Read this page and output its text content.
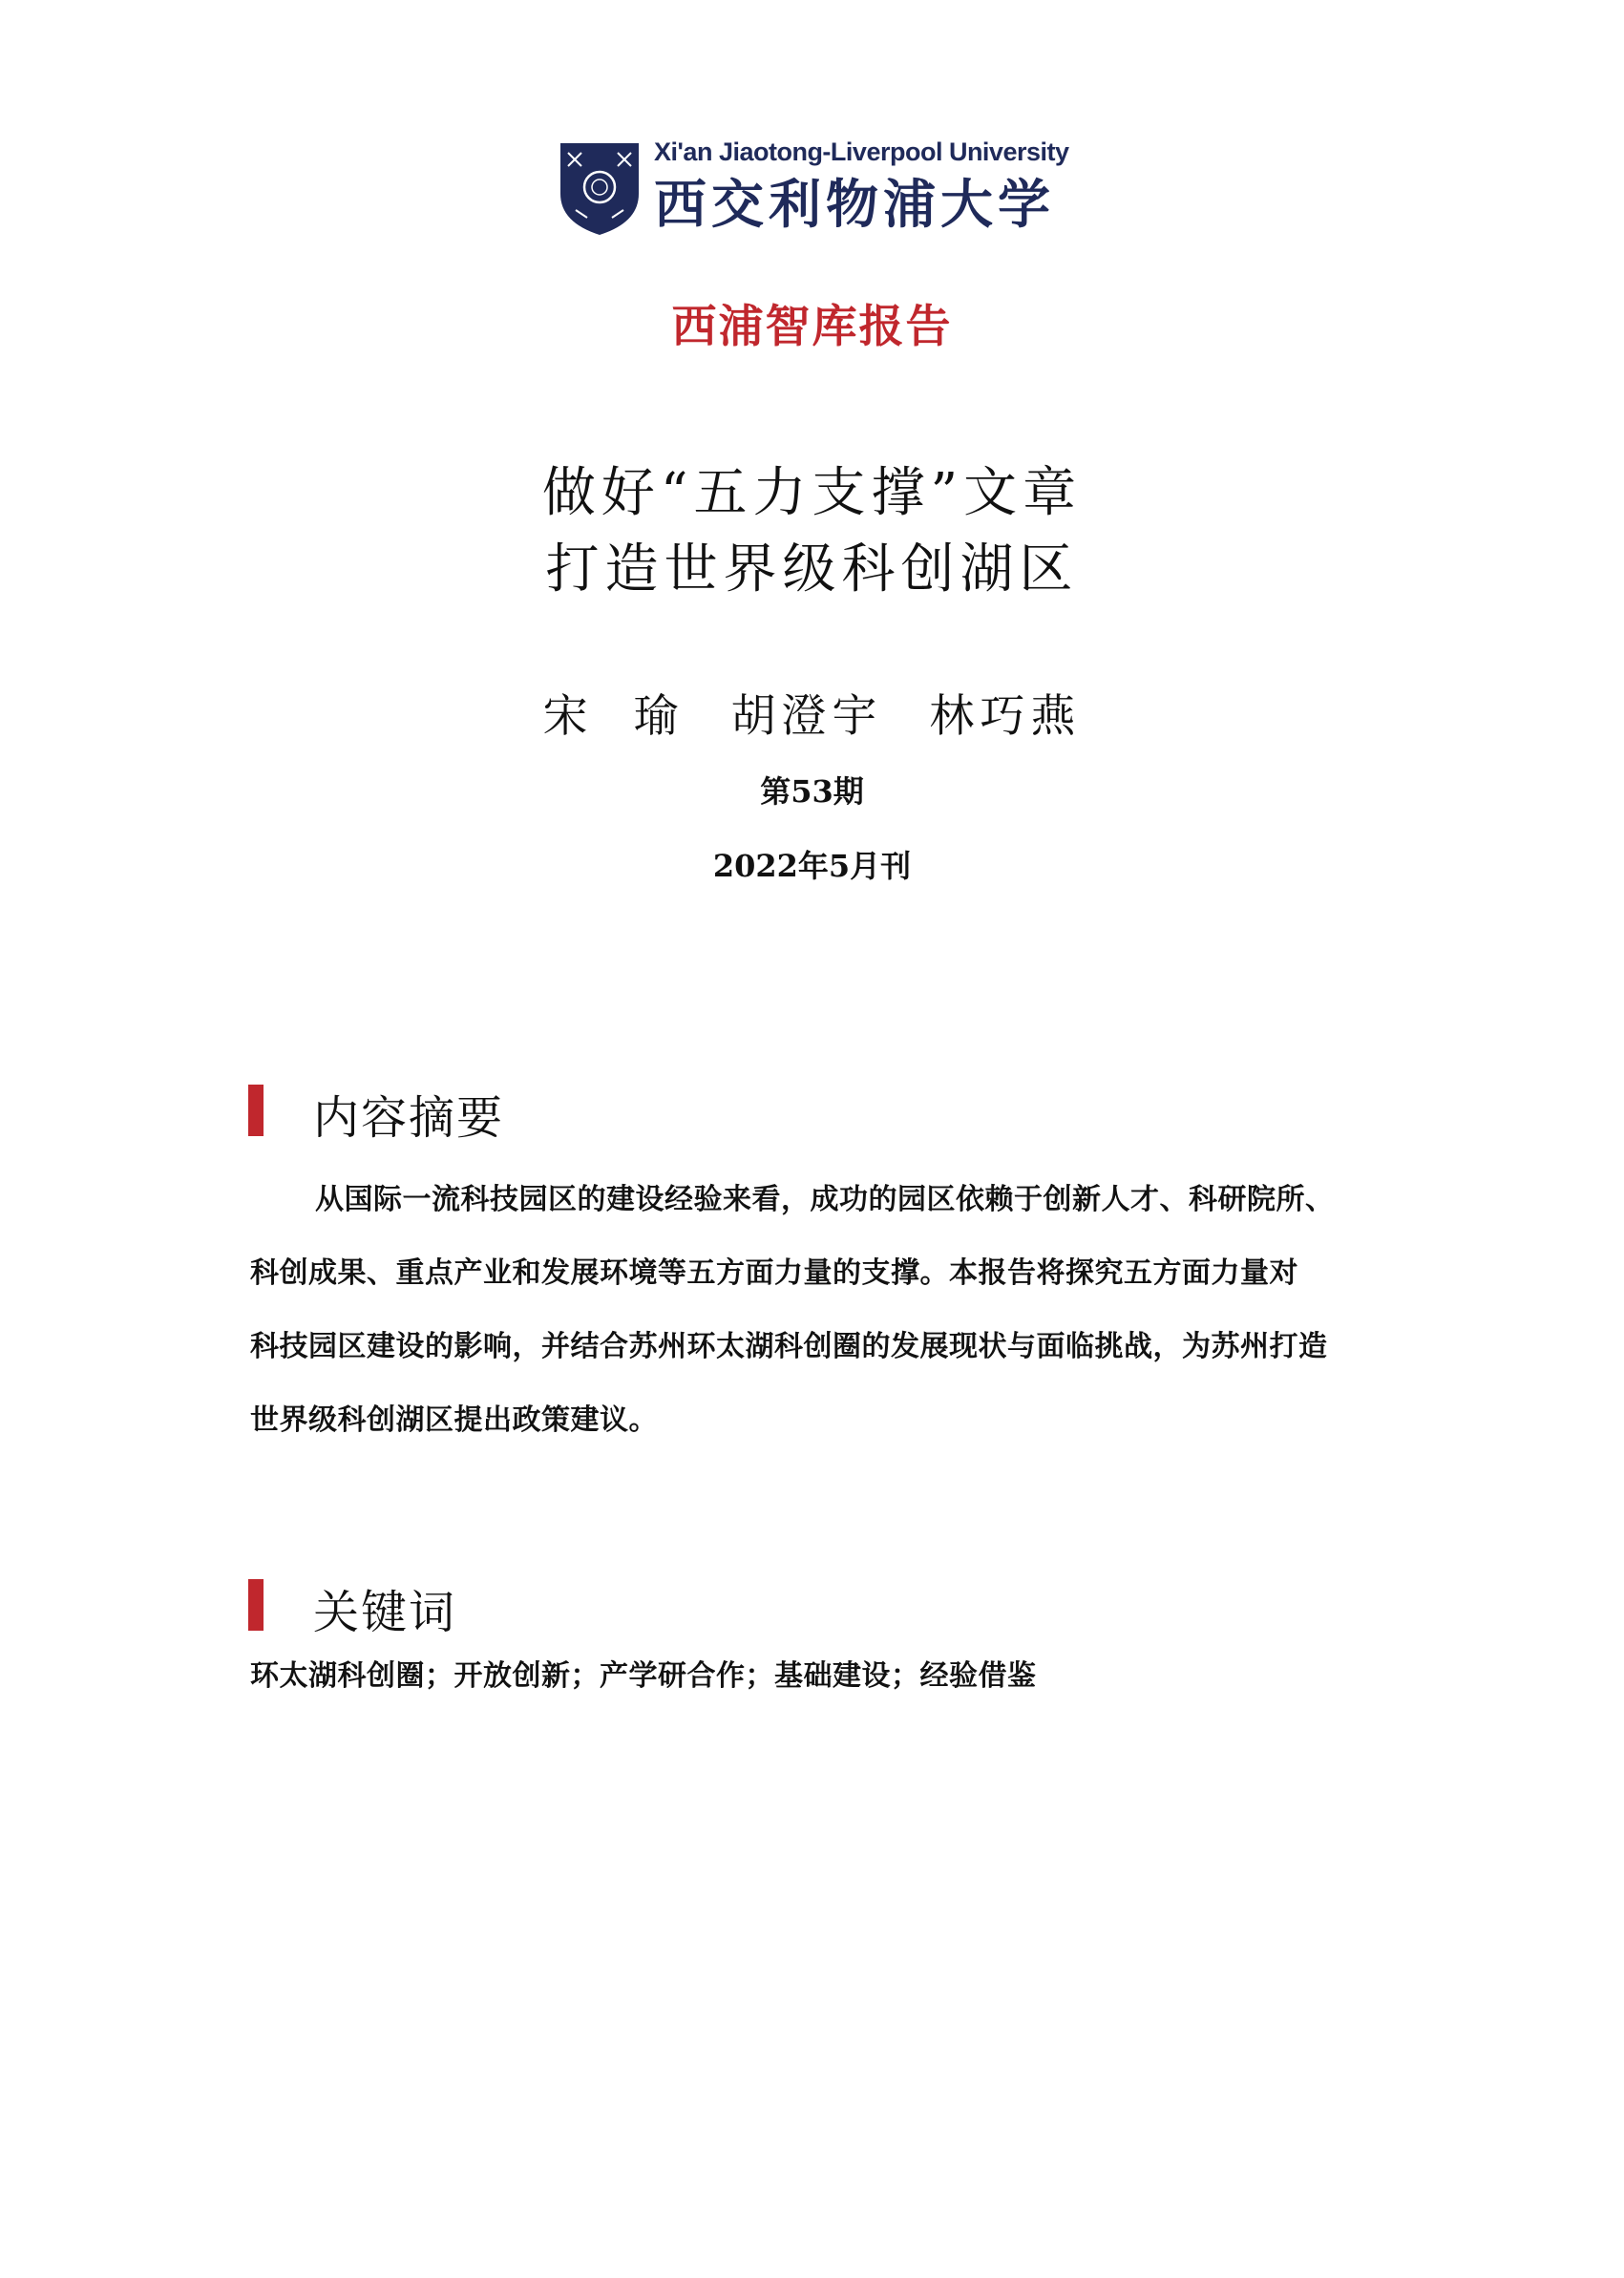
Xi'an Jiaotong-Liverpool University
西交利物浦大学
西浦智库报告
做好“五力支撑”文章
打造世界级科创湖区
宋  瑜 胡澄宇 林巧燕
第53期
2022年5月刊
内容摘要
从国际一流科技园区的建设经验来看，成功的园区依赖于创新人才、科研院所、
科创成果、重点产业和发展环境等五方面力量的支撑。本报告将探究五方面力量对
科技园区建设的影响，并结合苏州环太湖科创圈的发展现状与面临挑战，为苏州打造
世界级科创湖区提出政策建议。
关键词
环太湖科创圈；开放创新；产学研合作；基础建设；经验借鉴
